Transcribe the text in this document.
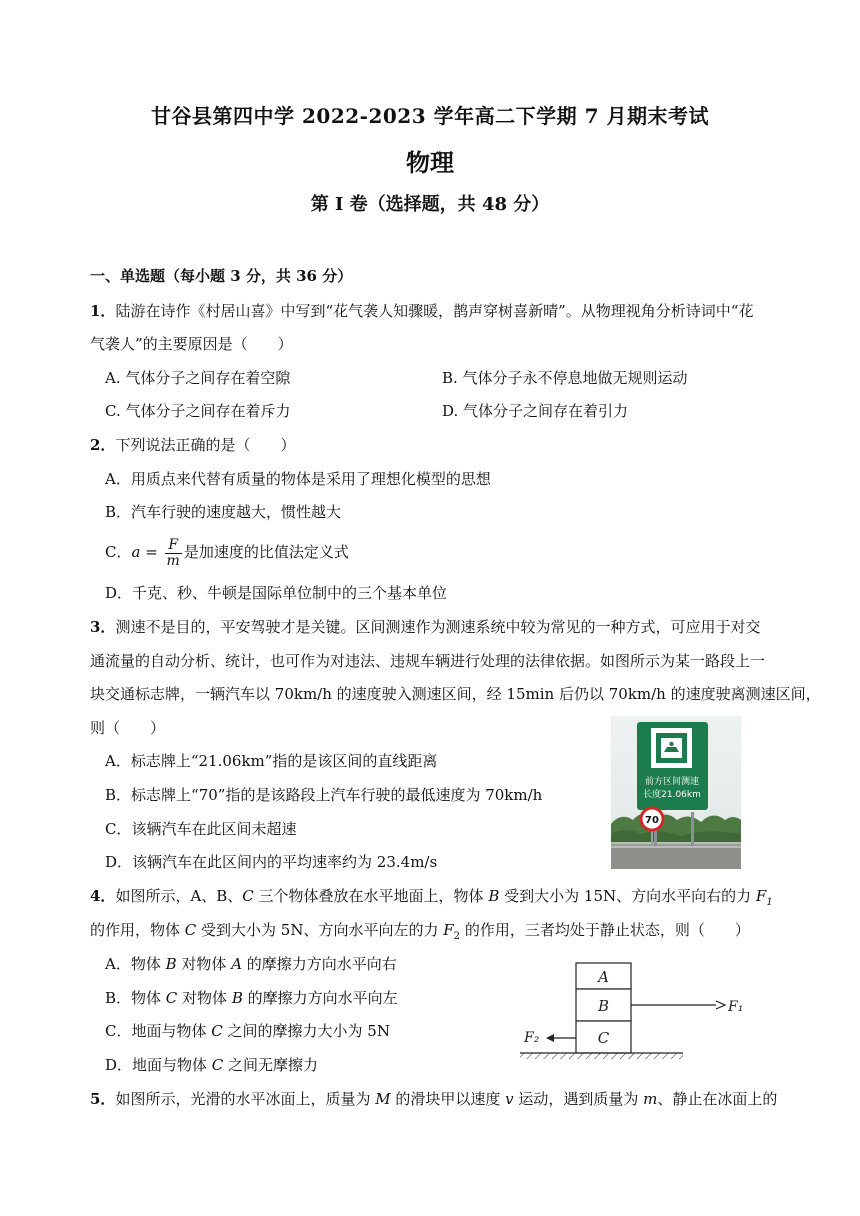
甘谷县第四中学 2022-2023 学年高二下学期 7 月期末考试
物理
第 I 卷（选择题，共 48 分）
一、单选题（每小题 3 分，共 36 分）
1．陆游在诗作《村居山喜》中写到“花气袭人知骤暖，鹊声穿树喜新晴”。从物理视角分析诗词中“花
气袭人”的主要原因是（　　）
A. 气体分子之间存在着空隙	B. 气体分子永不停息地做无规则运动
C. 气体分子之间存在着斥力	D. 气体分子之间存在着引力
2．下列说法正确的是（　　）
A．用质点来代替有质量的物体是采用了理想化模型的思想
B．汽车行驶的速度越大，惯性越大
C．$a = \frac{F}{m}$ 是加速度的比值法定义式
D．千克、秒、牛顿是国际单位制中的三个基本单位
3．测速不是目的，平安驾驶才是关键。区间测速作为测速系统中较为常见的一种方式，可应用于对交
通流量的自动分析、统计，也可作为对违法、违规车辆进行处理的法律依据。如图所示为某一路段上一
块交通标志牌，一辆汽车以 70km/h 的速度驶入测速区间，经 15min 后仍以 70km/h 的速度驶离测速区间，
则（　　）
A．标志牌上“21.06km”指的是该区间的直线距离
B．标志牌上“70”指的是该路段上汽车行驶的最低速度为 70km/h
C．该辆汽车在此区间未超速
D．该辆汽车在此区间内的平均速率约为 23.4m/s
前方区间测速
长度21.06km
70
4．如图所示，A、B、C 三个物体叠放在水平地面上，物体 B 受到大小为 15N、方向水平向右的力 $F_1$
的作用，物体 C 受到大小为 5N、方向水平向左的力 $F_2$ 的作用，三者均处于静止状态，则（　　）
A．物体 B 对物体 A 的摩擦力方向水平向右
B．物体 C 对物体 B 的摩擦力方向水平向左
C．地面与物体 C 之间的摩擦力大小为 5N
D．地面与物体 C 之间无摩擦力
A
B
C
F₁
F₂
5．如图所示，光滑的水平冰面上，质量为 M 的滑块甲以速度 v 运动，遇到质量为 m、静止在冰面上的
